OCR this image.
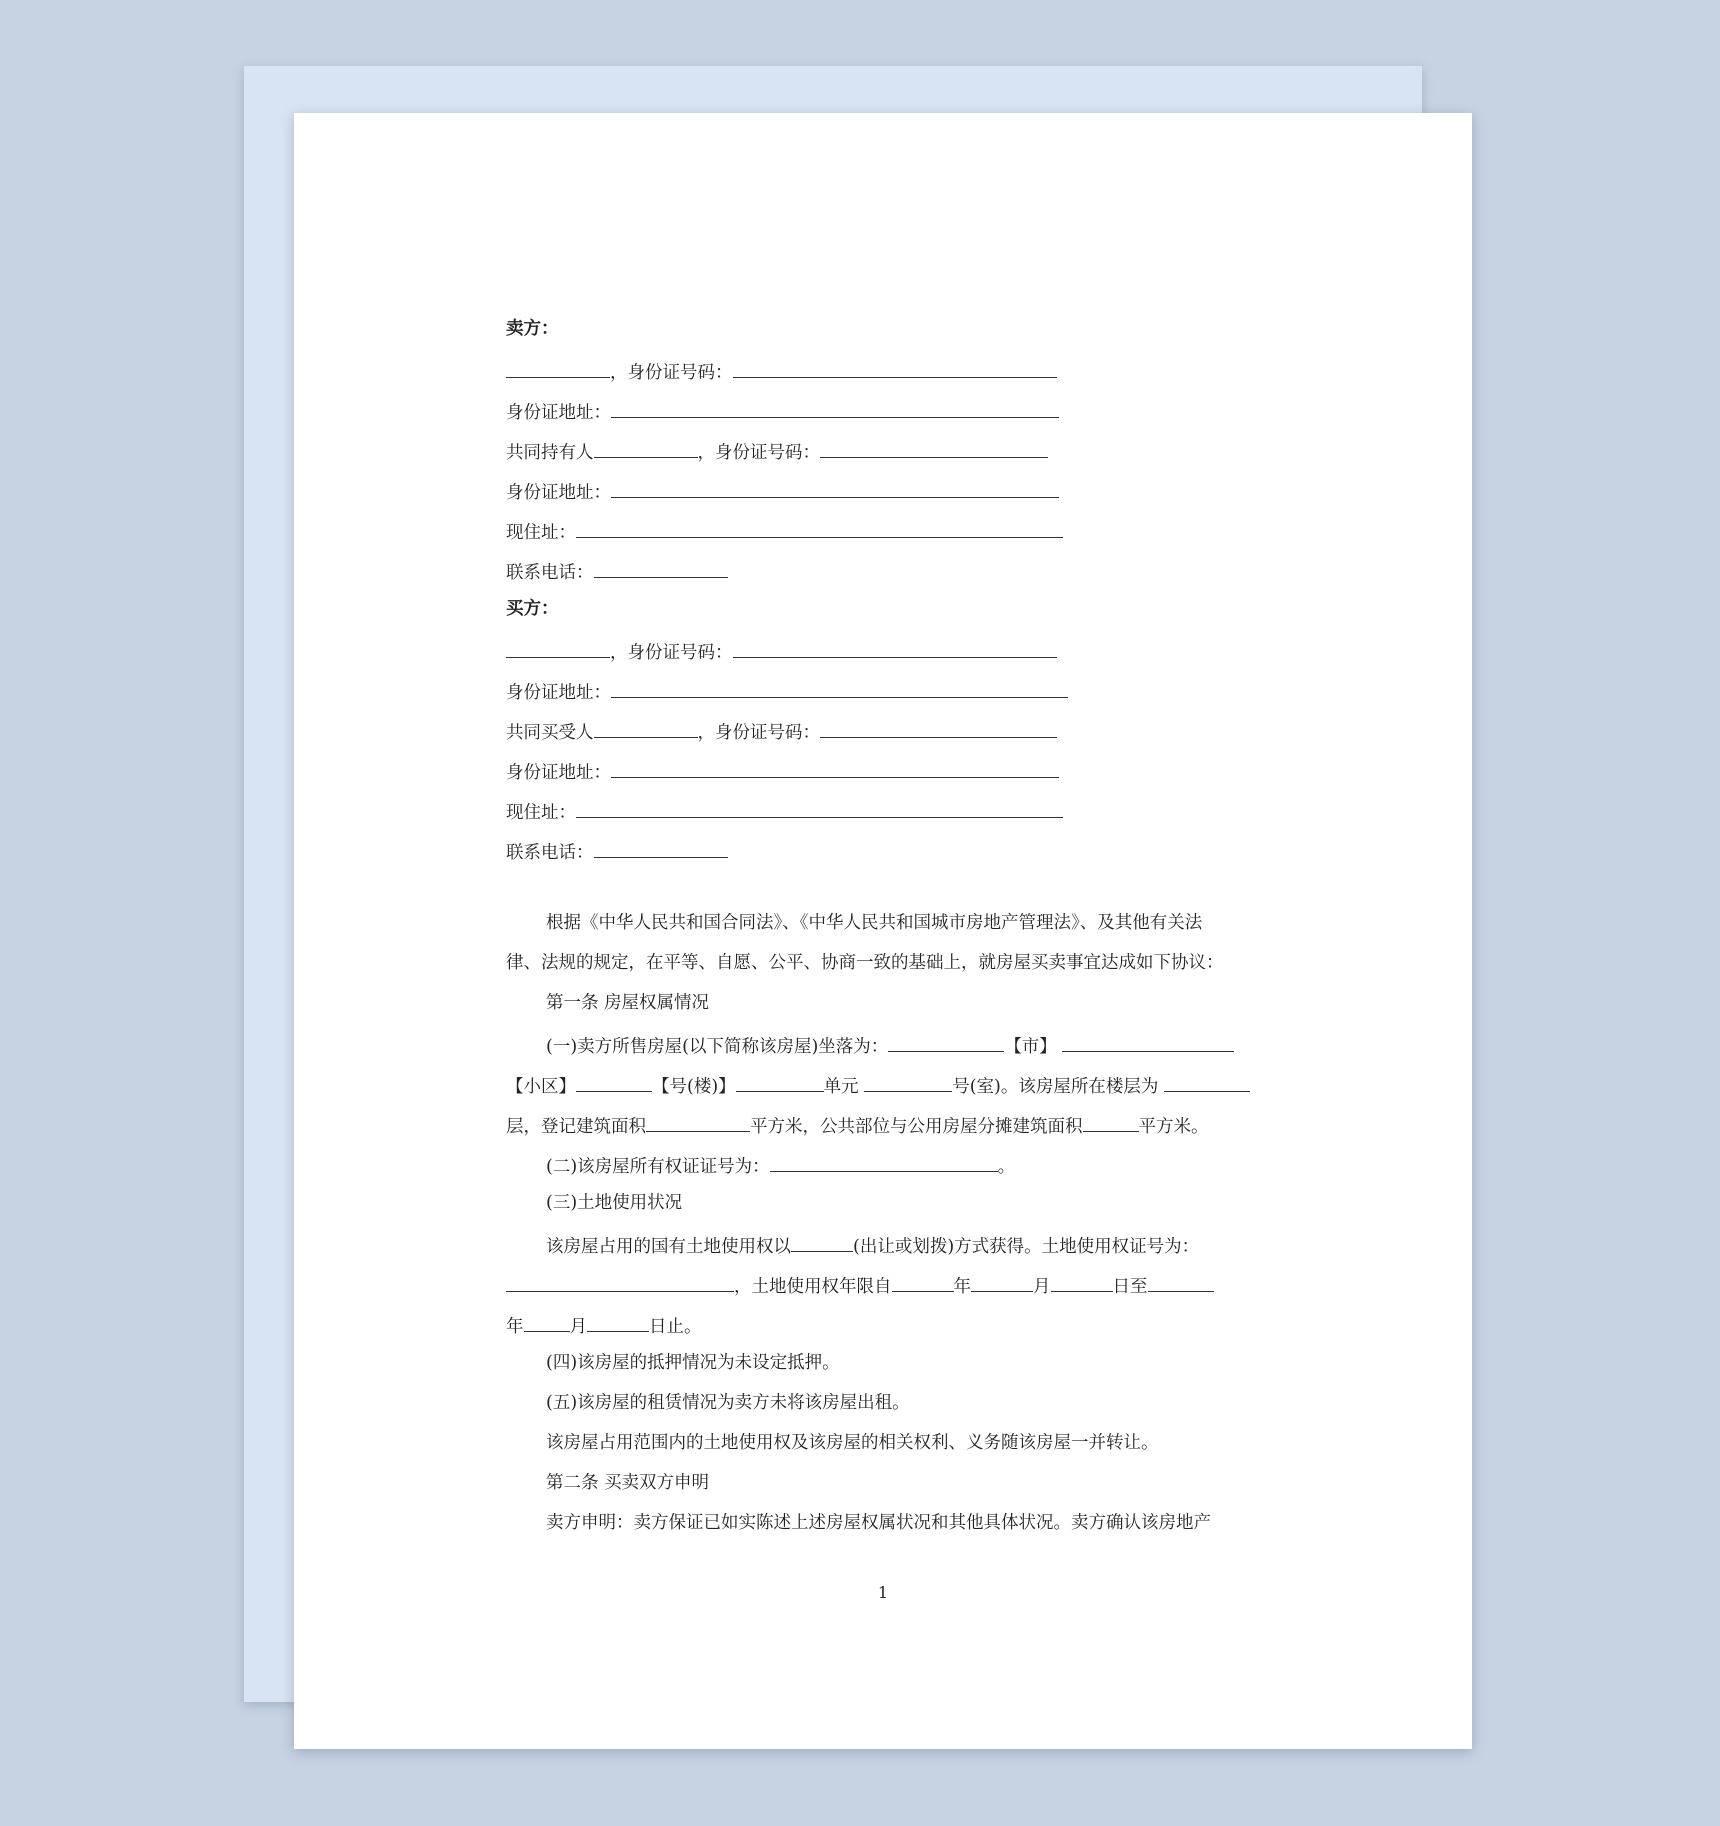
卖方：
，身份证号码：
身份证地址：
共同持有人	，身份证号码：
身份证地址：
现住址：
联系电话：
买方：
，身份证号码：
身份证地址：
共同买受人	，身份证号码：
身份证地址：
现住址：
联系电话：
根据《中华人民共和国合同法》、《中华人民共和国城市房地产管理法》、及其他有关法
律、法规的规定，在平等、自愿、公平、协商一致的基础上，就房屋买卖事宜达成如下协议：
第一条 房屋权属情况
(一)卖方所售房屋(以下简称该房屋)坐落为：	【市】
【小区】	【号(楼)】	单元	号(室)。该房屋所在楼层为
层，登记建筑面积	平方米，公共部位与公用房屋分摊建筑面积	平方米。
(二)该房屋所有权证证号为：	。
(三)土地使用状况
该房屋占用的国有土地使用权以	(出让或划拨)方式获得。土地使用权证号为：
，土地使用权年限自	年	月	日至
年	月	日止。
(四)该房屋的抵押情况为未设定抵押。
(五)该房屋的租赁情况为卖方未将该房屋出租。
该房屋占用范围内的土地使用权及该房屋的相关权利、义务随该房屋一并转让。
第二条 买卖双方申明
卖方申明：卖方保证已如实陈述上述房屋权属状况和其他具体状况。卖方确认该房地产
1
